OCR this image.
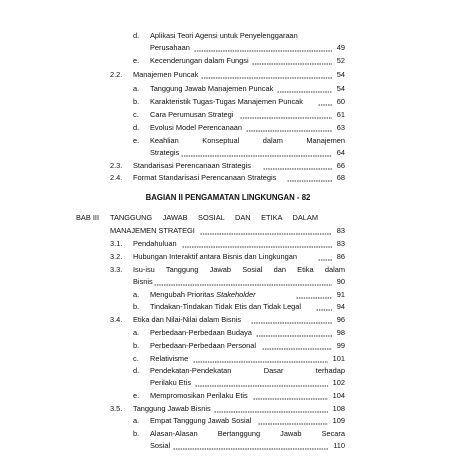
d. Aplikasi Teori Agensi untuk Penyelenggaraan
Perusahaan	49
e. Kecenderungan dalam Fungsi	52
2.2. Manajemen Puncak	54
a. Tanggung Jawab Manajemen Puncak	54
b. Karakteristik Tugas-Tugas Manajemen Puncak	60
c. Cara Perumusan Strategi	61
d. Evolusi Model Perencanaan	63
e. Keahlian Konseptual dalam Manajemen
Strategis	64
2.3. Standarisasi Perencanaan Strategis	66
2.4. Format Standarisasi Perencanaan Strategis	68
BAGIAN II PENGAMATAN LINGKUNGAN - 82
BAB III TANGGUNG JAWAB SOSIAL DAN ETIKA DALAM
MANAJEMEN STRATEGI	83
3.1. Pendahuluan	83
3.2. Hubungan Interaktif antara Bisnis dan Lingkungan	86
3.3. Isu-isu Tanggung Jawab Sosial dan Etika dalam
Bisnis	90
a. Mengubah Prioritas Stakeholder	91
b. Tindakan-Tindakan Tidak Etis dan Tidak Legal	94
3.4. Etika dan Nilai-Nilai dalam Bisnis	96
a. Perbedaan-Perbedaan Budaya	98
b. Perbedaan-Perbedaan Personal	99
c. Relativisme	101
d. Pendekatan-Pendekatan Dasar terhadap
Perilaku Etis	102
e. Mempromosikan Perilaku Etis	104
3.5. Tanggung Jawab Bisnis	108
a. Empat Tanggung Jawab Sosial	109
b. Alasan-Alasan Bertanggung Jawab Secara
Sosial	110
